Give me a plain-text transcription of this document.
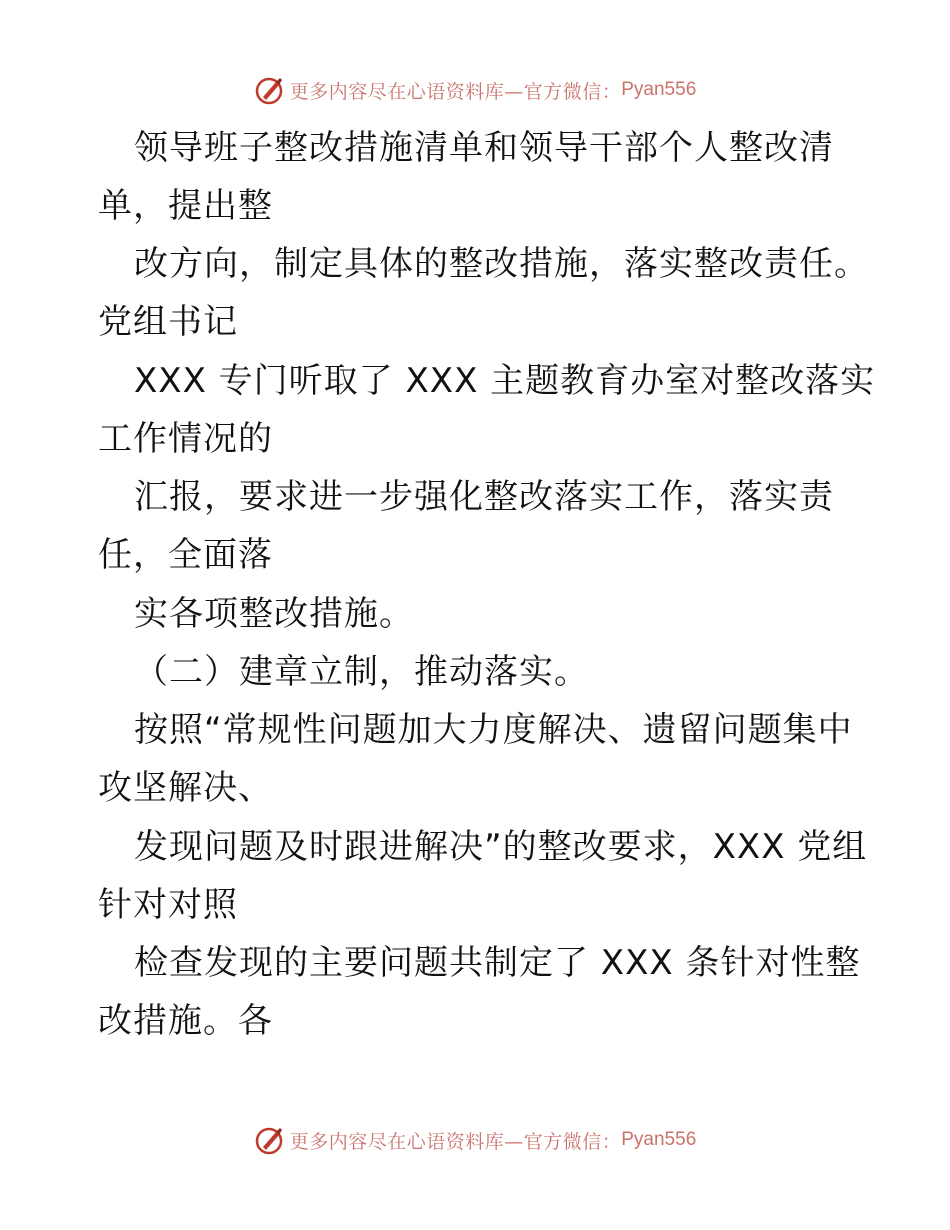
更多内容尽在心语资料库—官方微信： Pyan556
领导班子整改措施清单和领导干部个人整改清
单，提出整
改方向，制定具体的整改措施，落实整改责任。
党组书记
XXX 专门听取了 XXX 主题教育办室对整改落实
工作情况的
汇报，要求进一步强化整改落实工作，落实责
任，全面落
实各项整改措施。
（二）建章立制，推动落实。
按照“常规性问题加大力度解决、遗留问题集中
攻坚解决、
发现问题及时跟进解决”的整改要求，XXX 党组
针对对照
检查发现的主要问题共制定了 XXX 条针对性整
改措施。各
更多内容尽在心语资料库—官方微信： Pyan556
